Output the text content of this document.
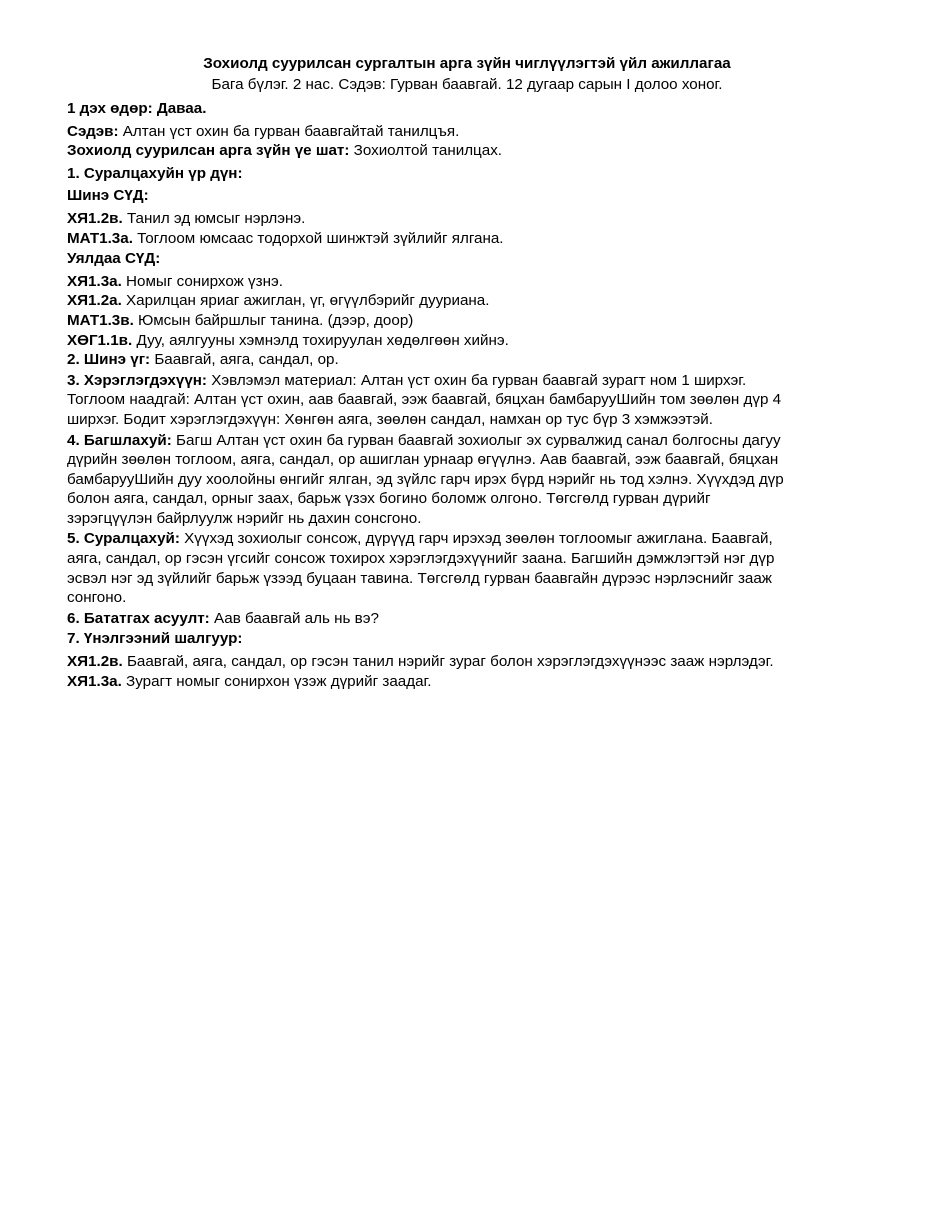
Зохиолд суурилсан сургалтын арга зүйн чиглүүлэгтэй үйл ажиллагаа

Бага бүлэг. 2 нас. Сэдэв: Гурван баавгай. 12 дугаар сарын I долоо хоног.

1 дэх өдөр: Даваа.

Сэдэв: Алтан үст охин ба гурван баавгайтай танилцъя.

Зохиолд суурилсан арга зүйн үе шат: Зохиолтой танилцах.

1. Суралцахуйн үр дүн:

Шинэ СҮД:

ХЯ1.2в. Танил эд юмсыг нэрлэнэ.

МАТ1.3а. Тоглоом юмсаас тодорхой шинжтэй зүйлийг ялгана.

Уялдаа СҮД:

ХЯ1.3а. Номыг сонирхож үзнэ.

ХЯ1.2а. Харилцан яриаг ажиглан, үг, өгүүлбэрийг дууриана.

МАТ1.3в. Юмсын байршлыг танина. (дээр, доор)

ХӨГ1.1в. Дуу, аялгууны хэмнэлд тохируулан хөдөлгөөн хийнэ.

2. Шинэ үг: Баавгай, аяга, сандал, ор.

3. Хэрэглэгдэхүүн: Хэвлэмэл материал: Алтан үст охин ба гурван баавгай зурагт ном 1 ширхэг.
Тоглоом наадгай: Алтан үст охин, аав баавгай, ээж баавгай, бяцхан бамбарууШийн том зөөлөн дүр 4
ширхэг. Бодит хэрэглэгдэхүүн: Хөнгөн аяга, зөөлөн сандал, намхан ор тус бүр 3 хэмжээтэй.
4. Багшлахуй: Багш Алтан үст охин ба гурван баавгай зохиолыг эх сурвалжид санал болгосны дагуу
дүрийн зөөлөн тоглоом, аяга, сандал, ор ашиглан урнаар өгүүлнэ. Аав баавгай, ээж баавгай, бяцхан
бамбарууШийн дуу хоолойны өнгийг ялган, эд зүйлс гарч ирэх бүрд нэрийг нь тод хэлнэ. Хүүхдэд дүр
болон аяга, сандал, орныг заах, барьж үзэх богино боломж олгоно. Төгсгөлд гурван дүрийг
зэрэгцүүлэн байрлуулж нэрийг нь дахин сонсгоно.
5. Суралцахуй: Хүүхэд зохиолыг сонсож, дүрүүд гарч ирэхэд зөөлөн тоглоомыг ажиглана. Баавгай,
аяга, сандал, ор гэсэн үгсийг сонсож тохирох хэрэглэгдэхүүнийг заана. Багшийн дэмжлэгтэй нэг дүр
эсвэл нэг эд зүйлийг барьж үзээд буцаан тавина. Төгсгөлд гурван баавгайн дүрээс нэрлэснийг зааж
сонгоно.

6. Бататгах асуулт: Аав баавгай аль нь вэ?

7. Үнэлгээний шалгуур:

ХЯ1.2в. Баавгай, аяга, сандал, ор гэсэн танил нэрийг зураг болон хэрэглэгдэхүүнээс зааж нэрлэдэг.

ХЯ1.3а. Зурагт номыг сонирхон үзэж дүрийг заадаг.
